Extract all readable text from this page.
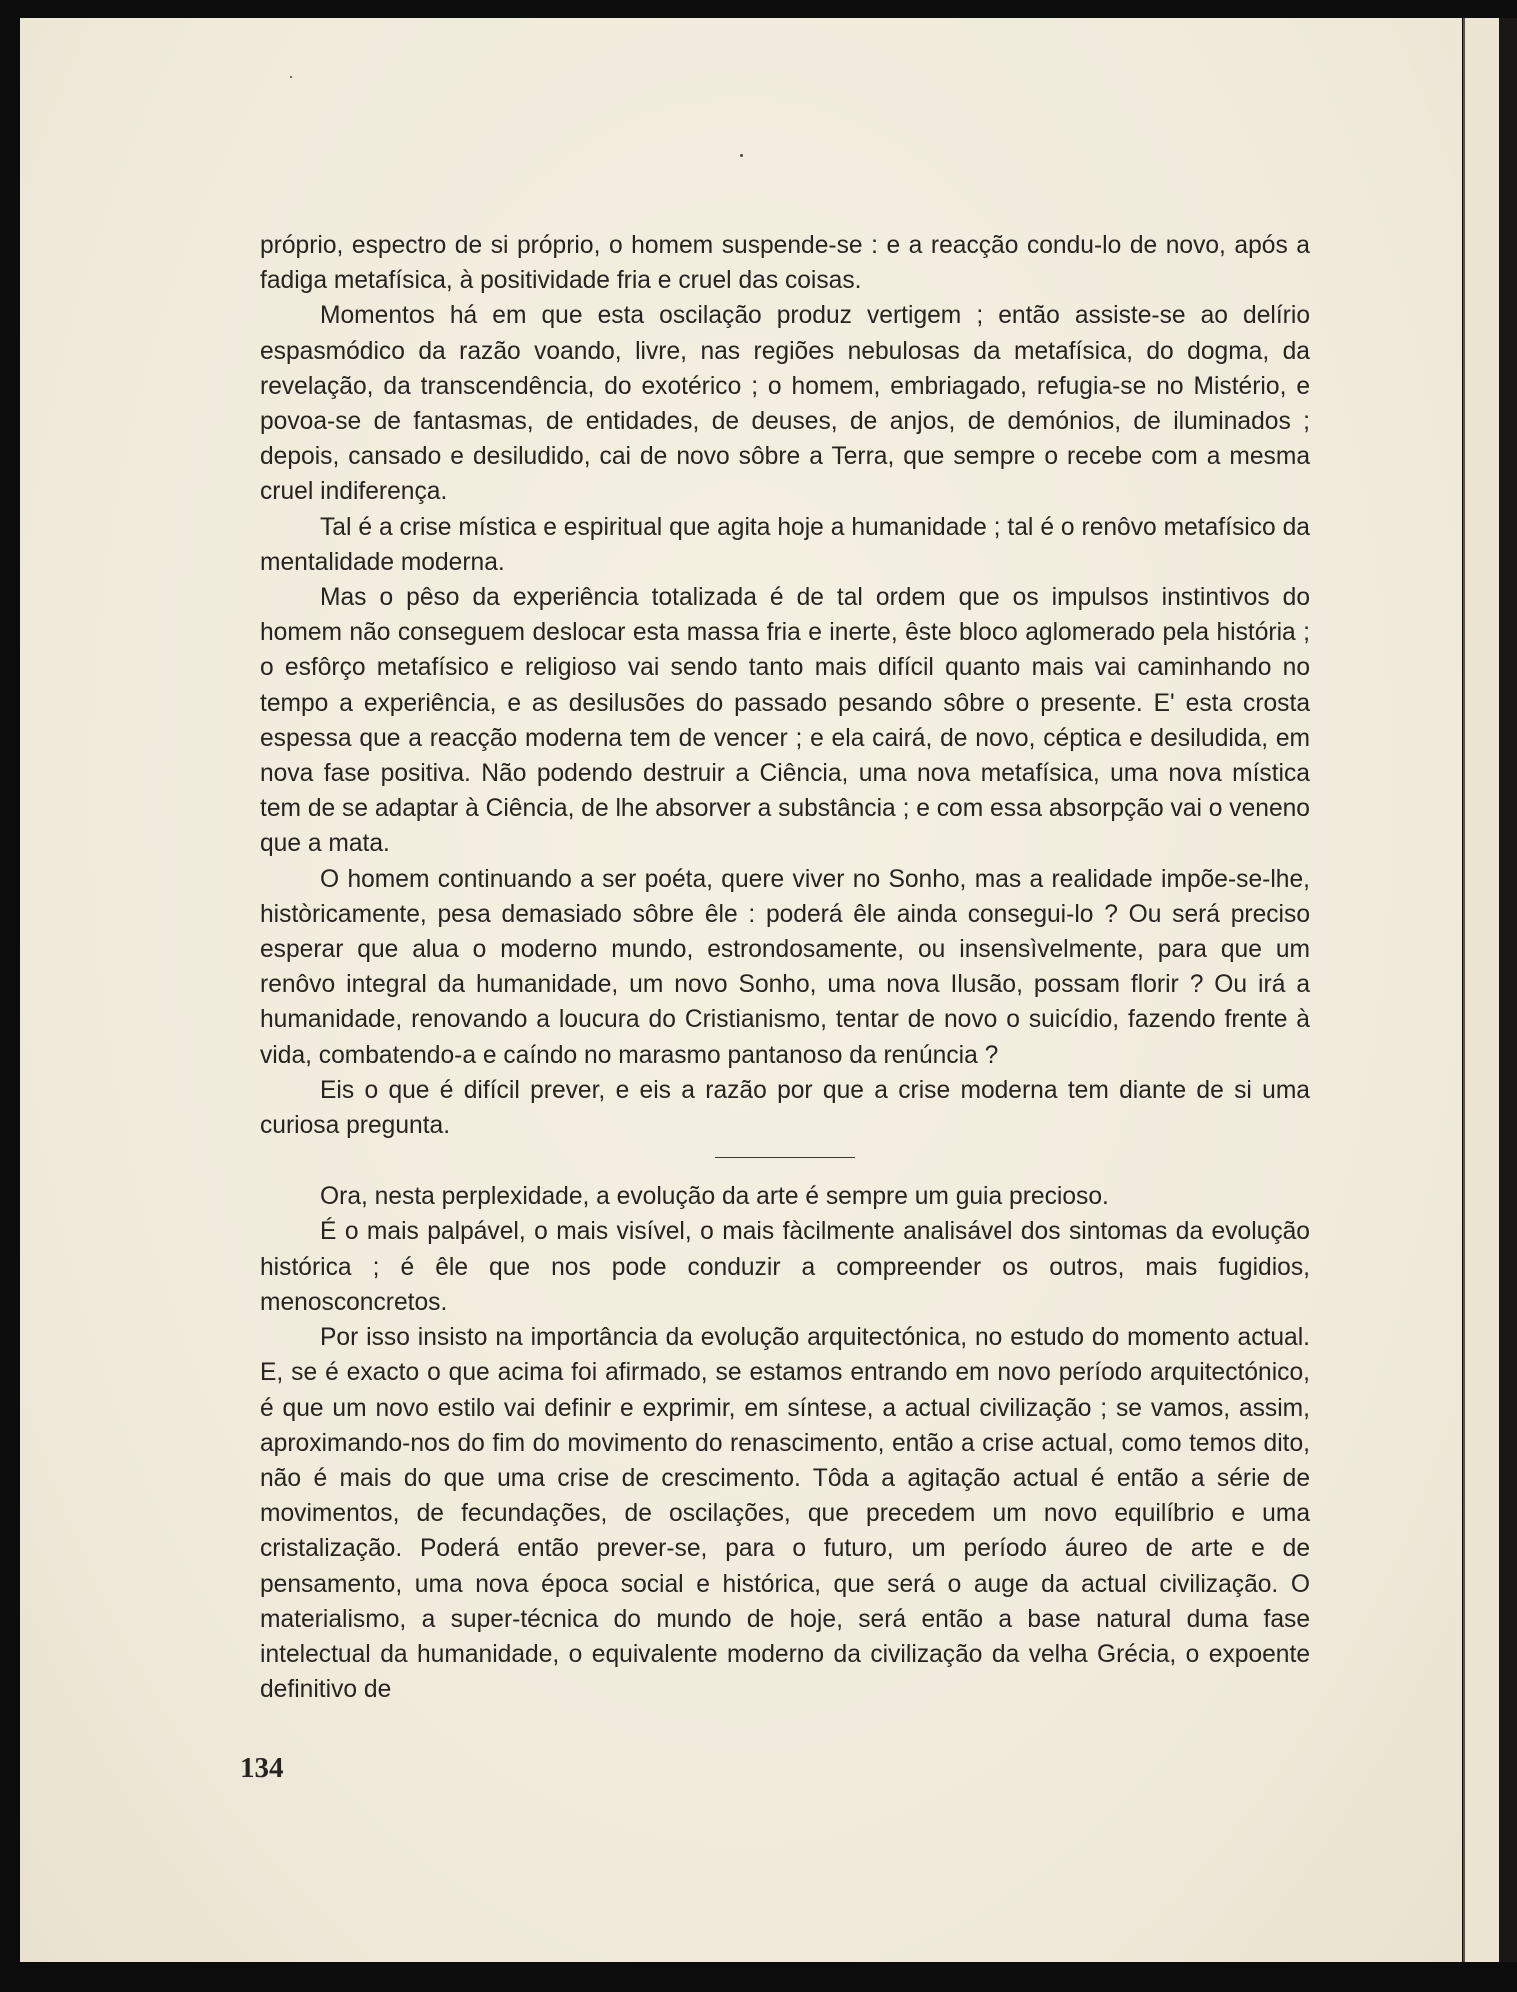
próprio, espectro de si próprio, o homem suspende-se : e a reacção condu-lo de novo, após a fadiga metafísica, à positividade fria e cruel das coisas.

Momentos há em que esta oscilação produz vertigem ; então assiste-se ao delírio espasmódico da razão voando, livre, nas regiões nebulosas da metafísica, do dogma, da revelação, da transcendência, do exotérico ; o homem, embriagado, refugia-se no Mistério, e povoa-se de fantasmas, de entidades, de deuses, de anjos, de demónios, de iluminados ; depois, cansado e desiludido, cai de novo sôbre a Terra, que sempre o recebe com a mesma cruel indiferença.

Tal é a crise mística e espiritual que agita hoje a humanidade ; tal é o renôvo metafísico da mentalidade moderna.

Mas o pêso da experiência totalizada é de tal ordem que os impulsos instintivos do homem não conseguem deslocar esta massa fria e inerte, êste bloco aglomerado pela história ; o esfôrço metafísico e religioso vai sendo tanto mais difícil quanto mais vai caminhando no tempo a experiência, e as desilusões do passado pesando sôbre o presente. E' esta crosta espessa que a reacção moderna tem de vencer ; e ela cairá, de novo, céptica e desiludida, em nova fase positiva. Não podendo destruir a Ciência, uma nova metafísica, uma nova mística tem de se adaptar à Ciência, de lhe absorver a substância ; e com essa absorpção vai o veneno que a mata.

O homem continuando a ser poéta, quere viver no Sonho, mas a realidade impõe-se-lhe, històricamente, pesa demasiado sôbre êle : poderá êle ainda consegui-lo ? Ou será preciso esperar que alua o moderno mundo, estrondosamente, ou insensìvelmente, para que um renôvo integral da humanidade, um novo Sonho, uma nova Ilusão, possam florir ? Ou irá a humanidade, renovando a loucura do Cristianismo, tentar de novo o suicídio, fazendo frente à vida, combatendo-a e caíndo no marasmo pantanoso da renúncia ?

Eis o que é difícil prever, e eis a razão por que a crise moderna tem diante de si uma curiosa pregunta.

Ora, nesta perplexidade, a evolução da arte é sempre um guia precioso.

É o mais palpável, o mais visível, o mais fàcilmente analisável dos sintomas da evolução histórica ; é êle que nos pode conduzir a compreender os outros, mais fugidios, menosconcretos.

Por isso insisto na importância da evolução arquitectónica, no estudo do momento actual. E, se é exacto o que acima foi afirmado, se estamos entrando em novo período arquitectónico, é que um novo estilo vai definir e exprimir, em síntese, a actual civilização ; se vamos, assim, aproximando-nos do fim do movimento do renascimento, então a crise actual, como temos dito, não é mais do que uma crise de crescimento. Tôda a agitação actual é então a série de movimentos, de fecundações, de oscilações, que precedem um novo equilíbrio e uma cristalização. Poderá então prever-se, para o futuro, um período áureo de arte e de pensamento, uma nova época social e histórica, que será o auge da actual civilização. O materialismo, a super-técnica do mundo de hoje, será então a base natural duma fase intelectual da humanidade, o equivalente moderno da civilização da velha Grécia, o expoente definitivo de

134
